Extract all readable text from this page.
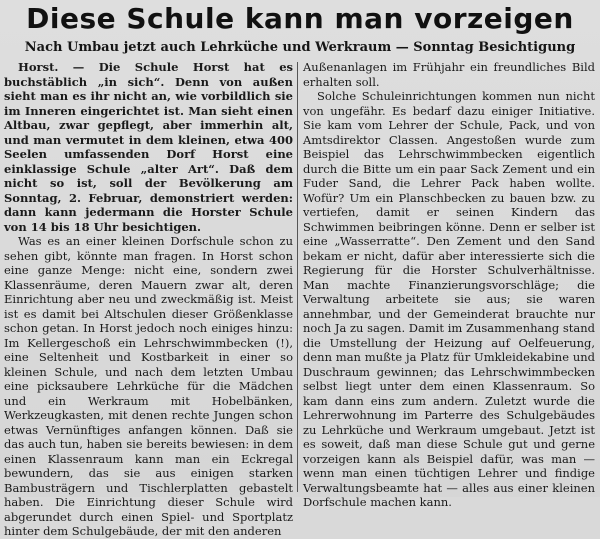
Diese Schule kann man vorzeigen
Nach Umbau jetzt auch Lehrküche und Werkraum — Sonntag Besichtigung

Horst. — Die Schule Horst hat es buchstäblich „in sich“. Denn von außen sieht man es ihr nicht an, wie vorbildlich sie im Inneren eingerichtet ist. Man sieht einen Altbau, zwar gepflegt, aber immerhin alt, und man vermutet in dem kleinen, etwa 400 Seelen umfassenden Dorf Horst eine einklassige Schule „alter Art“. Daß dem nicht so ist, soll der Bevölkerung am Sonntag, 2. Februar, demonstriert werden: dann kann jedermann die Horster Schule von 14 bis 18 Uhr besichtigen.

Was es an einer kleinen Dorfschule schon zu sehen gibt, könnte man fragen. In Horst schon eine ganze Menge: nicht eine, sondern zwei Klassenräume, deren Mauern zwar alt, deren Einrichtung aber neu und zweckmäßig ist. Meist ist es damit bei Altschulen dieser Größenklasse schon getan. In Horst jedoch noch einiges hinzu: Im Kellergeschoß ein Lehrschwimmbecken (!), eine Seltenheit und Kostbarkeit in einer so kleinen Schule, und nach dem letzten Umbau eine picksaubere Lehrküche für die Mädchen und ein Werkraum mit Hobelbänken, Werkzeugkasten, mit denen rechte Jungen schon etwas Vernünftiges anfangen können. Daß sie das auch tun, haben sie bereits bewiesen: in dem einen Klassenraum kann man ein Eckregal bewundern, das sie aus einigen starken Bambusträgern und Tischlerplatten gebastelt haben. Die Einrichtung dieser Schule wird abgerundet durch einen Spiel- und Sportplatz hinter dem Schulgebäude, der mit den anderen

Außenanlagen im Frühjahr ein freundliches Bild erhalten soll.

Solche Schuleinrichtungen kommen nun nicht von ungefähr. Es bedarf dazu einiger Initiative. Sie kam vom Lehrer der Schule, Pack, und von Amtsdirektor Classen. Angestoßen wurde zum Beispiel das Lehrschwimmbecken eigentlich durch die Bitte um ein paar Sack Zement und ein Fuder Sand, die Lehrer Pack haben wollte. Wofür? Um ein Planschbecken zu bauen bzw. zu vertiefen, damit er seinen Kindern das Schwimmen beibringen könne. Denn er selber ist eine „Wasserratte“. Den Zement und den Sand bekam er nicht, dafür aber interessierte sich die Regierung für die Horster Schulverhältnisse. Man machte Finanzierungsvorschläge; die Verwaltung arbeitete sie aus; sie waren annehmbar, und der Gemeinderat brauchte nur noch Ja zu sagen. Damit im Zusammenhang stand die Umstellung der Heizung auf Oelfeuerung, denn man mußte ja Platz für Umkleidekabine und Duschraum gewinnen; das Lehrschwimmbecken selbst liegt unter dem einen Klassenraum. So kam dann eins zum andern. Zuletzt wurde die Lehrerwohnung im Parterre des Schulgebäudes zu Lehrküche und Werkraum umgebaut. Jetzt ist es soweit, daß man diese Schule gut und gerne vorzeigen kann als Beispiel dafür, was man — wenn man einen tüchtigen Lehrer und findige Verwaltungsbeamte hat — alles aus einer kleinen Dorfschule machen kann.
